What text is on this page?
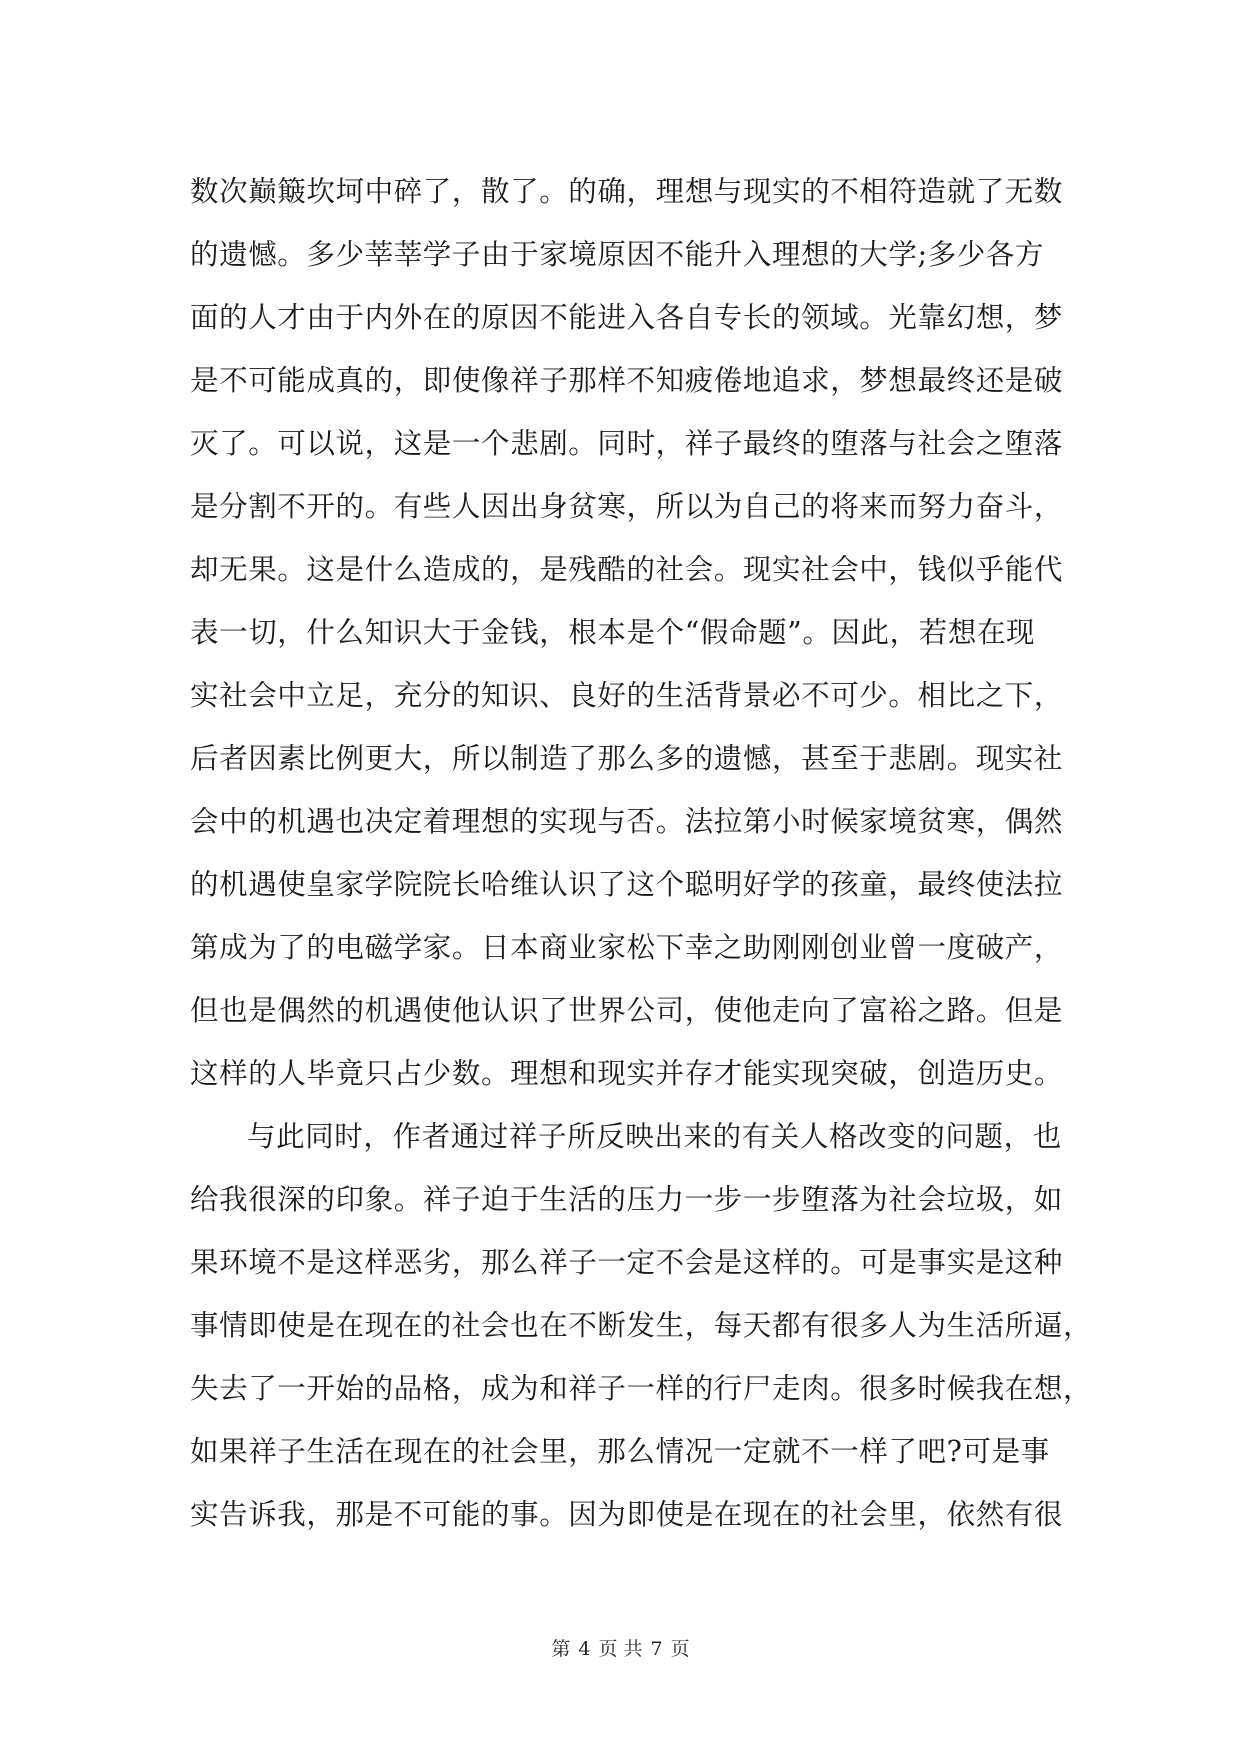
数次巅簸坎坷中碎了，散了。的确，理想与现实的不相符造就了无数
的遗憾。多少莘莘学子由于家境原因不能升入理想的大学;多少各方
面的人才由于内外在的原因不能进入各自专长的领域。光靠幻想，梦
是不可能成真的，即使像祥子那样不知疲倦地追求，梦想最终还是破
灭了。可以说，这是一个悲剧。同时，祥子最终的堕落与社会之堕落
是分割不开的。有些人因出身贫寒，所以为自己的将来而努力奋斗，
却无果。这是什么造成的，是残酷的社会。现实社会中，钱似乎能代
表一切，什么知识大于金钱，根本是个“假命题”。因此，若想在现
实社会中立足，充分的知识、良好的生活背景必不可少。相比之下，
后者因素比例更大，所以制造了那么多的遗憾，甚至于悲剧。现实社
会中的机遇也决定着理想的实现与否。法拉第小时候家境贫寒，偶然
的机遇使皇家学院院长哈维认识了这个聪明好学的孩童，最终使法拉
第成为了的电磁学家。日本商业家松下幸之助刚刚创业曾一度破产，
但也是偶然的机遇使他认识了世界公司，使他走向了富裕之路。但是
这样的人毕竟只占少数。理想和现实并存才能实现突破，创造历史。
与此同时，作者通过祥子所反映出来的有关人格改变的问题，也
给我很深的印象。祥子迫于生活的压力一步一步堕落为社会垃圾，如
果环境不是这样恶劣，那么祥子一定不会是这样的。可是事实是这种
事情即使是在现在的社会也在不断发生，每天都有很多人为生活所逼，
失去了一开始的品格，成为和祥子一样的行尸走肉。很多时候我在想，
如果祥子生活在现在的社会里，那么情况一定就不一样了吧?可是事
实告诉我，那是不可能的事。因为即使是在现在的社会里，依然有很
第 4 页 共 7 页
